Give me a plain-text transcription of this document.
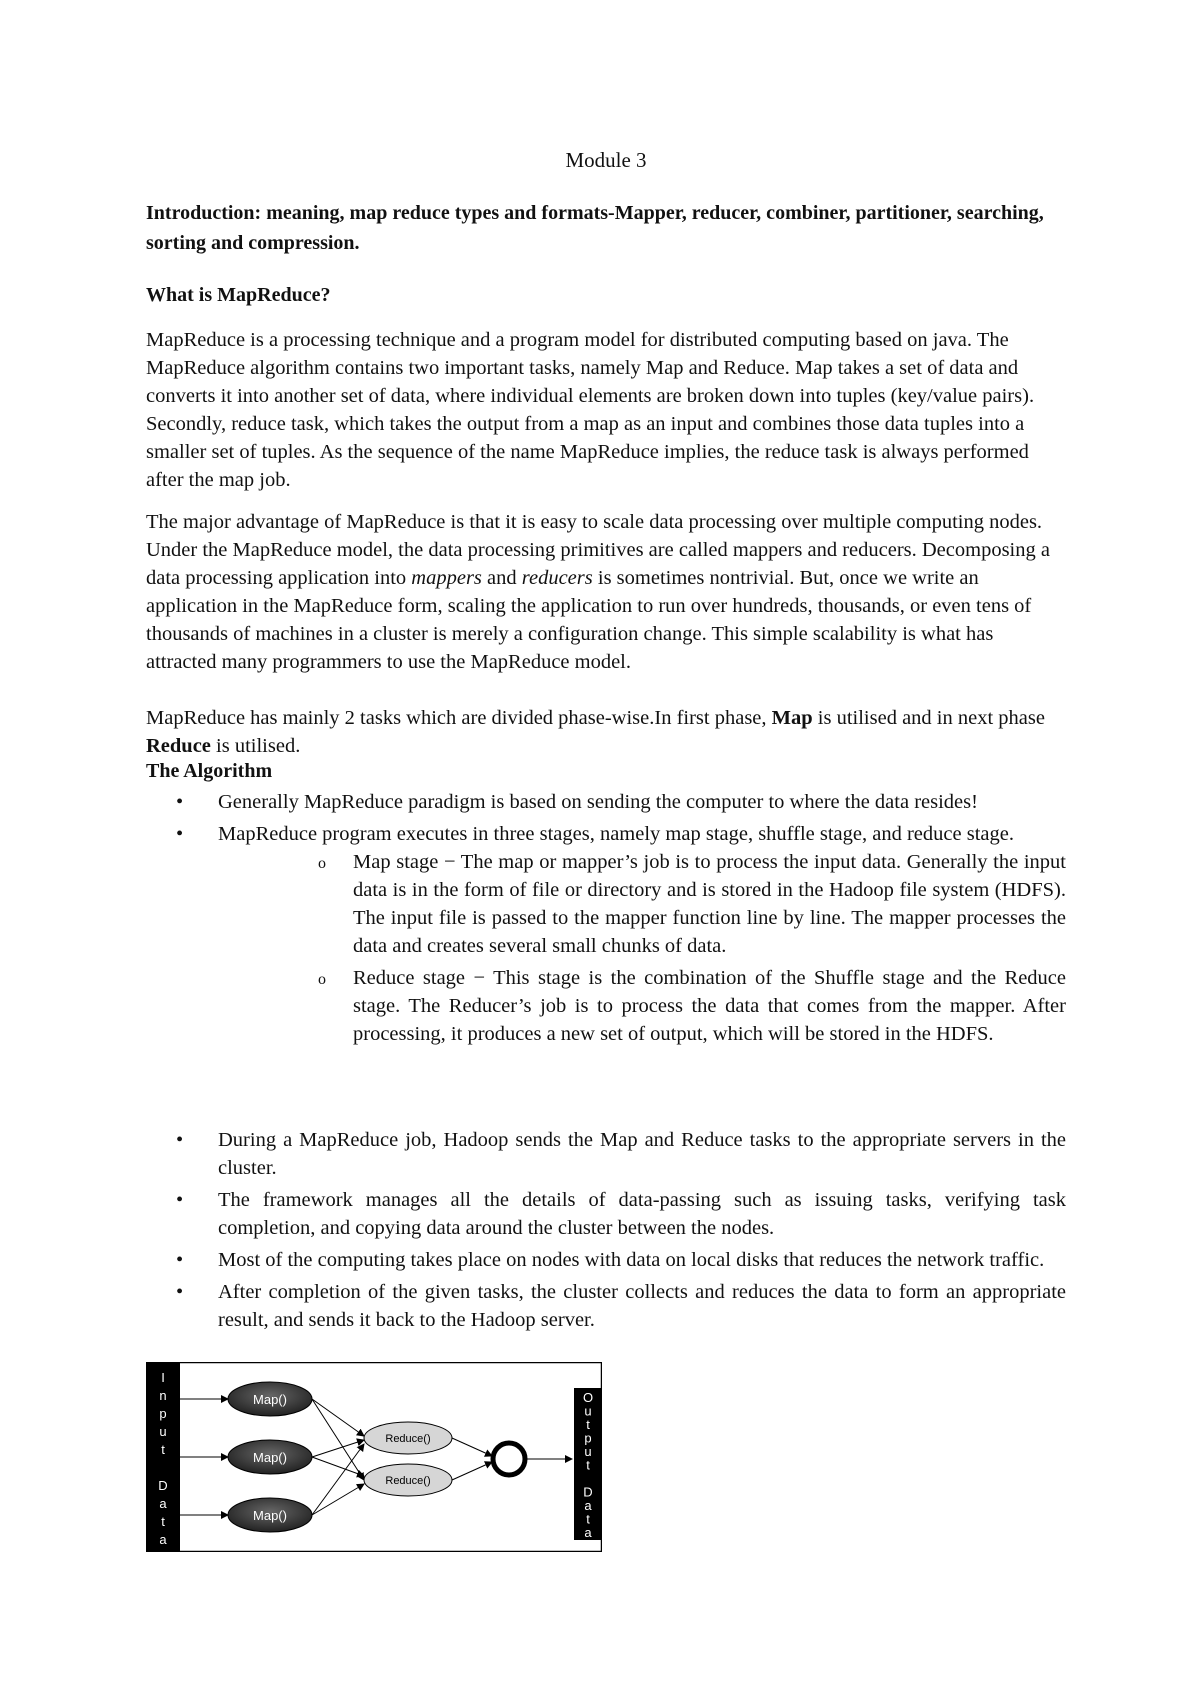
Module 3
Introduction: meaning, map reduce types and formats-Mapper, reducer, combiner, partitioner, searching, sorting and compression.
What is MapReduce?
MapReduce is a processing technique and a program model for distributed computing based on java. The MapReduce algorithm contains two important tasks, namely Map and Reduce. Map takes a set of data and converts it into another set of data, where individual elements are broken down into tuples (key/value pairs). Secondly, reduce task, which takes the output from a map as an input and combines those data tuples into a smaller set of tuples. As the sequence of the name MapReduce implies, the reduce task is always performed after the map job.
The major advantage of MapReduce is that it is easy to scale data processing over multiple computing nodes. Under the MapReduce model, the data processing primitives are called mappers and reducers. Decomposing a data processing application into mappers and reducers is sometimes nontrivial. But, once we write an application in the MapReduce form, scaling the application to run over hundreds, thousands, or even tens of thousands of machines in a cluster is merely a configuration change. This simple scalability is what has attracted many programmers to use the MapReduce model.
MapReduce has mainly 2 tasks which are divided phase-wise.In first phase, Map is utilised and in next phase Reduce is utilised.
The Algorithm
• Generally MapReduce paradigm is based on sending the computer to where the data resides!
• MapReduce program executes in three stages, namely map stage, shuffle stage, and reduce stage.
o Map stage − The map or mapper’s job is to process the input data. Generally the input data is in the form of file or directory and is stored in the Hadoop file system (HDFS). The input file is passed to the mapper function line by line. The mapper processes the data and creates several small chunks of data.
o Reduce stage − This stage is the combination of the Shuffle stage and the Reduce stage. The Reducer’s job is to process the data that comes from the mapper. After processing, it produces a new set of output, which will be stored in the HDFS.
• During a MapReduce job, Hadoop sends the Map and Reduce tasks to the appropriate servers in the cluster.
• The framework manages all the details of data-passing such as issuing tasks, verifying task completion, and copying data around the cluster between the nodes.
• Most of the computing takes place on nodes with data on local disks that reduces the network traffic.
• After completion of the given tasks, the cluster collects and reduces the data to form an appropriate result, and sends it back to the Hadoop server.
I
n
p
u
t
D
a
t
a
O
u
t
p
u
t
D
a
t
a
Map()
Map()
Map()
Reduce()
Reduce()
